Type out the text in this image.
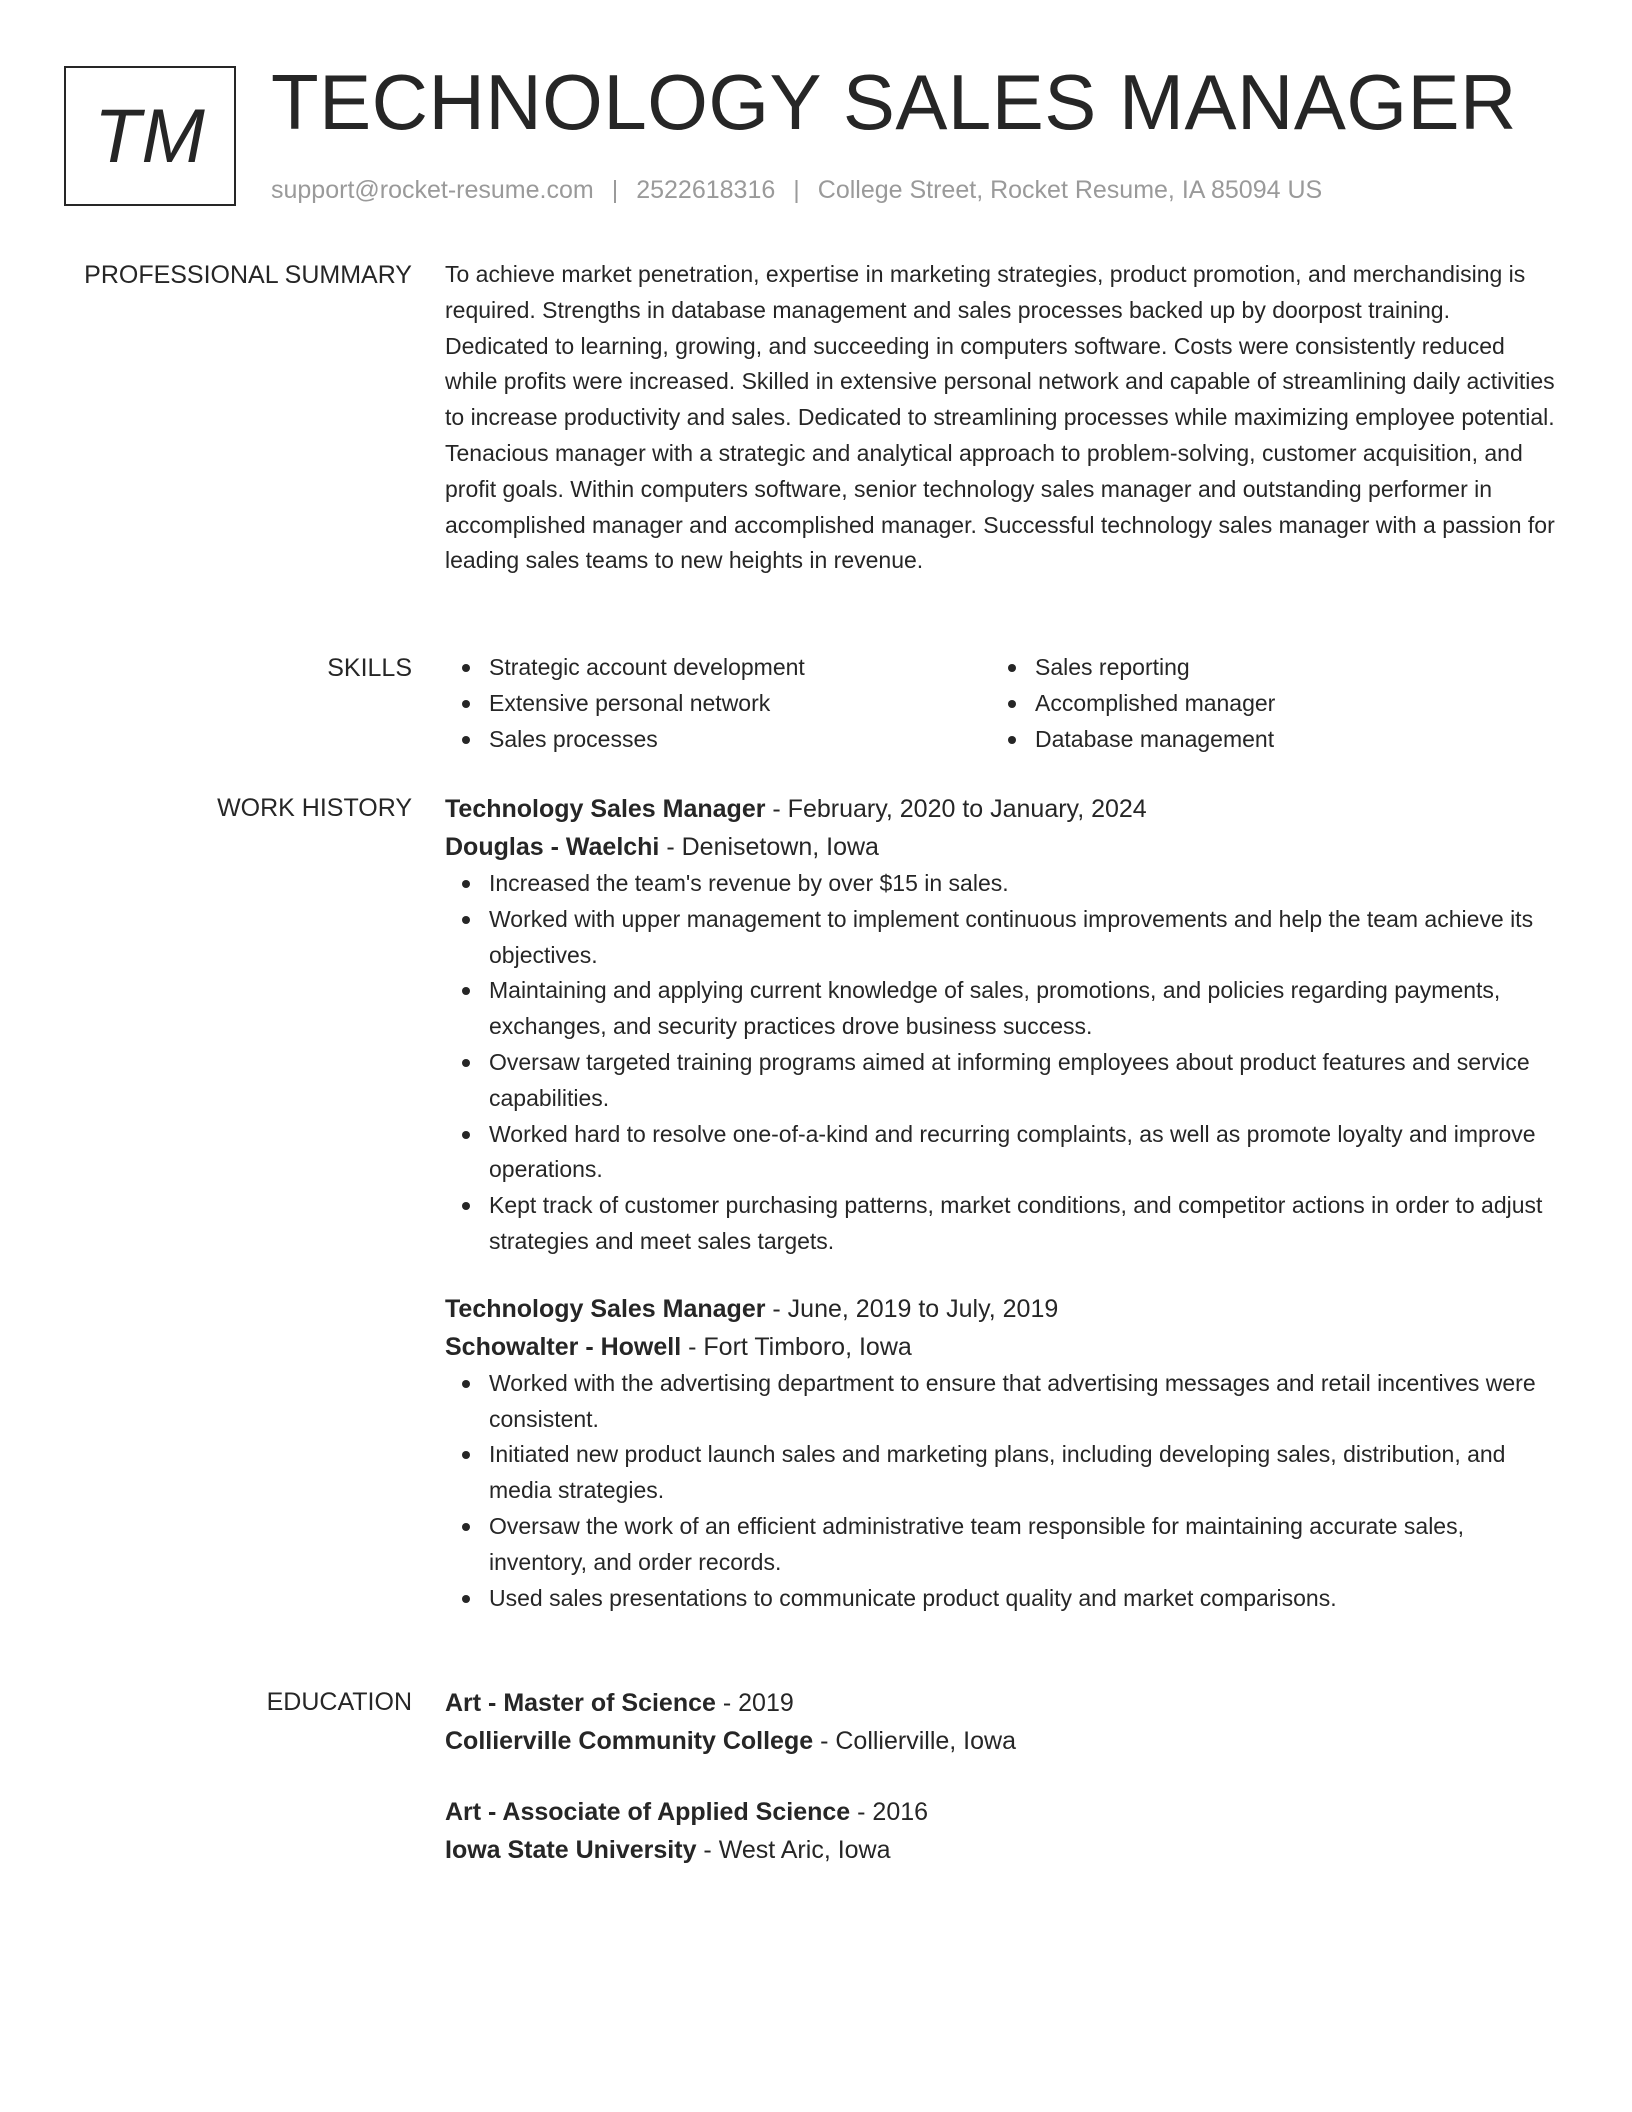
TM TECHNOLOGY SALES MANAGER
support@rocket-resume.com | 2522618316 | College Street, Rocket Resume, IA 85094 US
PROFESSIONAL SUMMARY To achieve market penetration, expertise in marketing strategies, product promotion, and merchandising is required. Strengths in database management and sales processes backed up by doorpost training. Dedicated to learning, growing, and succeeding in computers software. Costs were consistently reduced while profits were increased. Skilled in extensive personal network and capable of streamlining daily activities to increase productivity and sales. Dedicated to streamlining processes while maximizing employee potential. Tenacious manager with a strategic and analytical approach to problem-solving, customer acquisition, and profit goals. Within computers software, senior technology sales manager and outstanding performer in accomplished manager and accomplished manager. Successful technology sales manager with a passion for leading sales teams to new heights in revenue.

SKILLS	Strategic account development
Extensive personal network
Sales processes
Sales reporting
Accomplished manager
Database management
WORK HISTORY Technology Sales Manager - February, 2020 to January, 2024
Douglas - Waelchi - Denisetown, Iowa
Increased the team's revenue by over $15 in sales.
Worked with upper management to implement continuous improvements and help the team achieve its objectives.
Maintaining and applying current knowledge of sales, promotions, and policies regarding payments, exchanges, and security practices drove business success.
Oversaw targeted training programs aimed at informing employees about product features and service capabilities.
Worked hard to resolve one-of-a-kind and recurring complaints, as well as promote loyalty and improve operations.
Kept track of customer purchasing patterns, market conditions, and competitor actions in order to adjust strategies and meet sales targets.
Technology Sales Manager - June, 2019 to July, 2019
Schowalter - Howell - Fort Timboro, Iowa
Worked with the advertising department to ensure that advertising messages and retail incentives were consistent.
Initiated new product launch sales and marketing plans, including developing sales, distribution, and media strategies.
Oversaw the work of an efficient administrative team responsible for maintaining accurate sales, inventory, and order records.
Used sales presentations to communicate product quality and market comparisons.
EDUCATION Art - Master of Science - 2019
Collierville Community College - Collierville, Iowa
Art - Associate of Applied Science - 2016
Iowa State University - West Aric, Iowa
